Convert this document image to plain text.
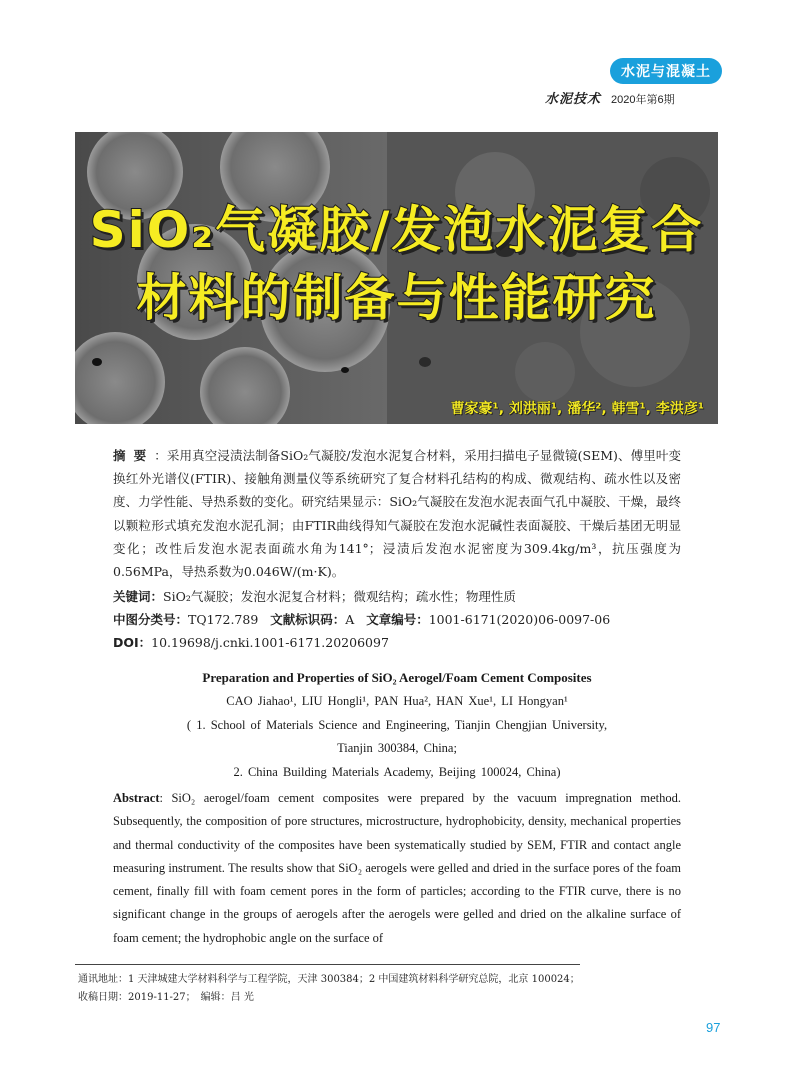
水泥与混凝土
水泥技术 2020年第6期
SiO₂气凝胶/发泡水泥复合
材料的制备与性能研究
曹家豪¹, 刘洪丽¹, 潘华², 韩雪¹, 李洪彦¹
摘要：采用真空浸渍法制备SiO₂气凝胶/发泡水泥复合材料，采用扫描电子显微镜(SEM)、傅里叶变换红外光谱仪(FTIR)、接触角测量仪等系统研究了复合材料孔结构的构成、微观结构、疏水性以及密度、力学性能、导热系数的变化。研究结果显示：SiO₂气凝胶在发泡水泥表面气孔中凝胶、干燥，最终以颗粒形式填充发泡水泥孔洞；由FTIR曲线得知气凝胶在发泡水泥碱性表面凝胶、干燥后基团无明显变化；改性后发泡水泥表面疏水角为141°；浸渍后发泡水泥密度为309.4kg/m³，抗压强度为0.56MPa，导热系数为0.046W/(m·K)。
关键词：SiO₂气凝胶；发泡水泥复合材料；微观结构；疏水性；物理性质
中图分类号：TQ172.789 文献标识码：A 文章编号：1001-6171(2020)06-0097-06
DOI：10.19698/j.cnki.1001-6171.20206097
Preparation and Properties of SiO₂ Aerogel/Foam Cement Composites
CAO Jiahao¹, LIU Hongli¹, PAN Hua², HAN Xue¹, LI Hongyan¹
( 1. School of Materials Science and Engineering, Tianjin Chengjian University,
Tianjin 300384, China;
2. China Building Materials Academy, Beijing 100024, China)
Abstract: SiO₂ aerogel/foam cement composites were prepared by the vacuum impregnation method. Subsequently, the composition of pore structures, microstructure, hydrophobicity, density, mechanical properties and thermal conductivity of the composites have been systematically studied by SEM, FTIR and contact angle measuring instrument. The results show that SiO₂ aerogels were gelled and dried in the surface pores of the foam cement, finally fill with foam cement pores in the form of particles; according to the FTIR curve, there is no significant change in the groups of aerogels after the aerogels were gelled and dried on the alkaline surface of foam cement; the hydrophobic angle on the surface of
通讯地址：1 天津城建大学材料科学与工程学院，天津 300384；2 中国建筑材料科学研究总院，北京 100024；
收稿日期：2019-11-27；　编辑：吕 光
97
